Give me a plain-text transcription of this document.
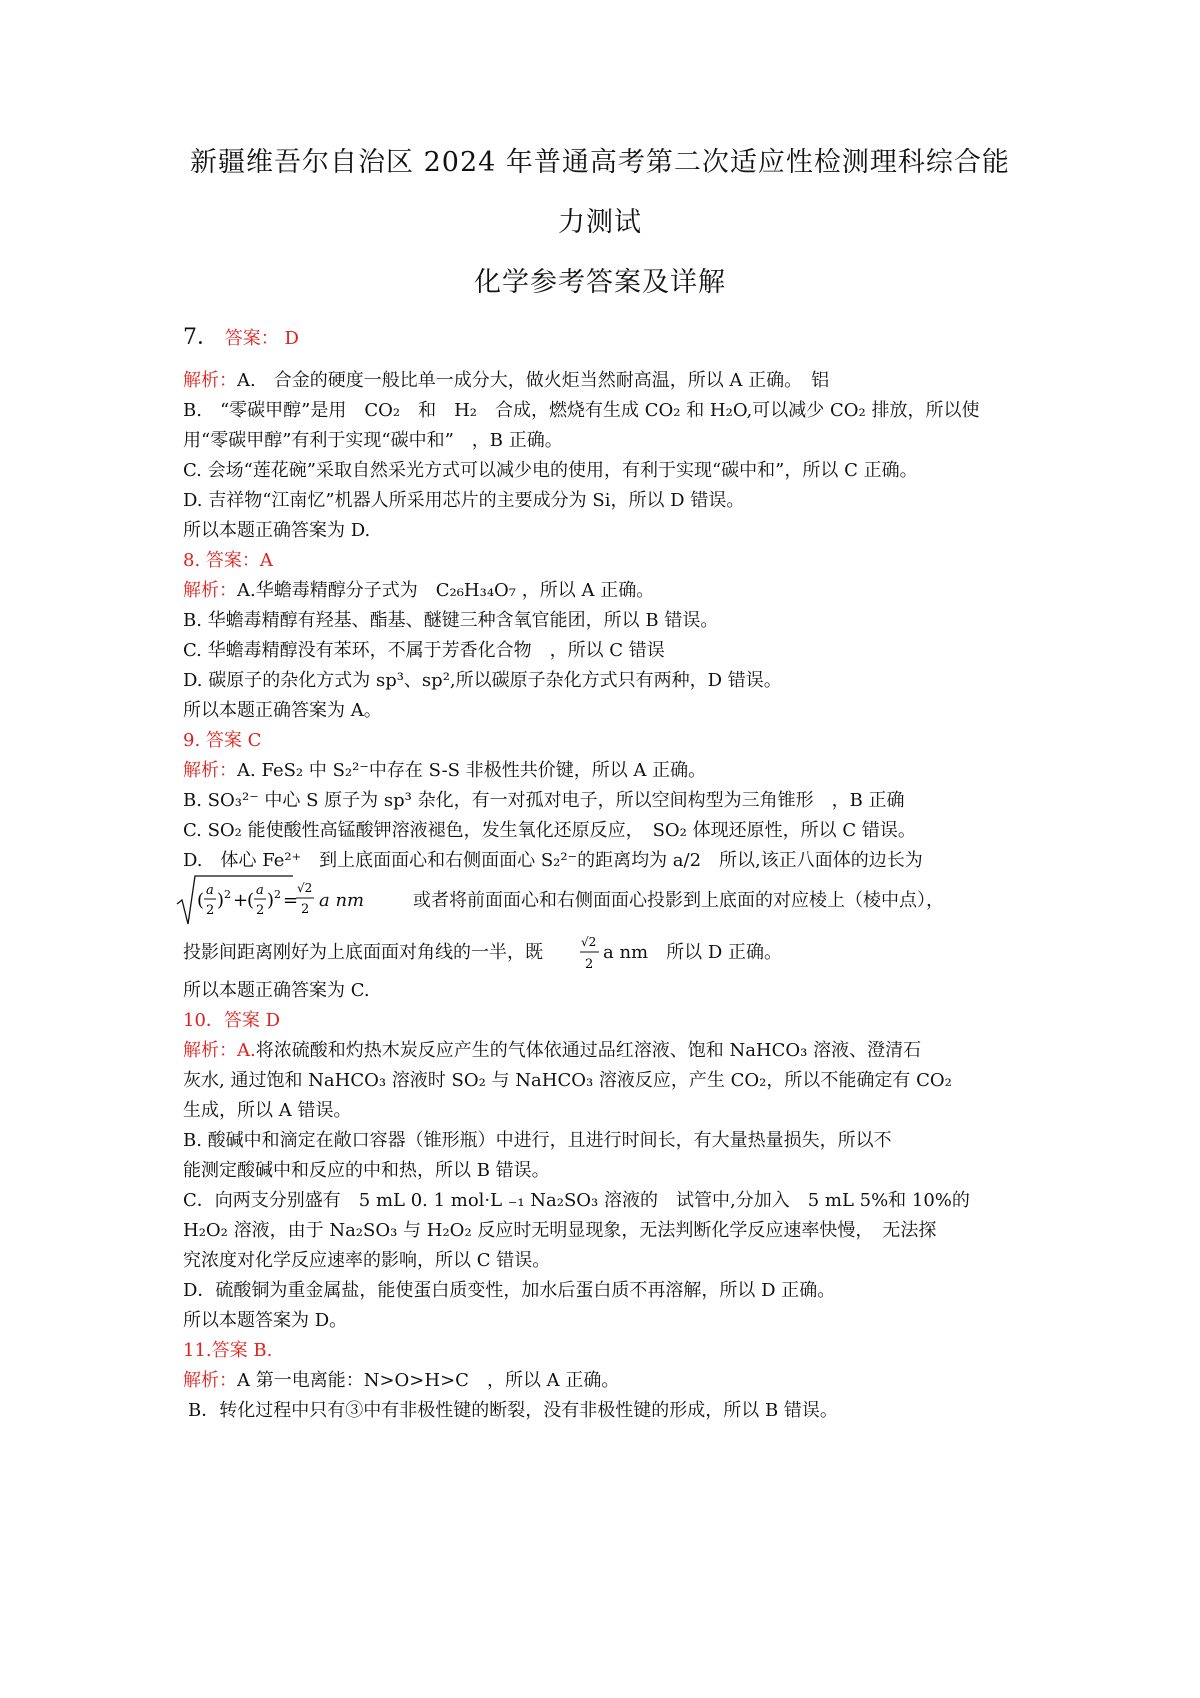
新疆维吾尔自治区 2024 年普通高考第二次适应性检测理科综合能
力测试
化学参考答案及详解
7． 答案： D
解析：A.　合金的硬度一般比单一成分大，做火炬当然耐高温，所以 A 正确。　铝
B.　“零碳甲醇”是用　CO₂　和　H₂　合成，燃烧有生成 CO₂ 和 H₂O,可以减少 CO₂ 排放，所以使
用“零碳甲醇”有利于实现“碳中和”　，B 正确。
C. 会场“莲花碗”采取自然采光方式可以减少电的使用，有利于实现“碳中和”，所以 C 正确。
D. 吉祥物“江南忆”机器人所采用芯片的主要成分为 Si，所以 D 错误。
所以本题正确答案为 D.
8. 答案：A
解析：A.华蟾毒精醇分子式为　C₂₆H₃₄O₇ ，所以 A 正确。
B. 华蟾毒精醇有羟基、酯基、醚键三种含氧官能团，所以 B 错误。
C. 华蟾毒精醇没有苯环，不属于芳香化合物　，所以 C 错误
D. 碳原子的杂化方式为 sp³、sp²,所以碳原子杂化方式只有两种，D 错误。
所以本题正确答案为 A。
9. 答案 C
解析：A. FeS₂ 中 S₂²⁻中存在 S-S 非极性共价键，所以 A 正确。
B. SO₃²⁻ 中心 S 原子为 sp³ 杂化，有一对孤对电子，所以空间构型为三角锥形　，B 正确
C. SO₂ 能使酸性高锰酸钾溶液褪色，发生氧化还原反应，　SO₂ 体现还原性，所以 C 错误。
D.　体心 Fe²⁺　到上底面面心和右侧面面心 S₂²⁻的距离均为 a/2　所以,该正八面体的边长为
( a
2 ) 2 +
( a
2 ) 2 =
√2
2 a nm	或者将前面面心和右侧面面心投影到上底面的对应棱上（棱中点），
投影间距离刚好为上底面面对角线的一半，既	√2
2
a nm　所以 D 正确。
所以本题正确答案为 C.
10．答案 D
解析：A.将浓硫酸和灼热木炭反应产生的气体依通过品红溶液、饱和 NaHCO₃ 溶液、澄清石
灰水, 通过饱和 NaHCO₃ 溶液时 SO₂ 与 NaHCO₃ 溶液反应，产生 CO₂，所以不能确定有 CO₂
生成，所以 A 错误。
B. 酸碱中和滴定在敞口容器（锥形瓶）中进行，且进行时间长，有大量热量损失，所以不
能测定酸碱中和反应的中和热，所以 B 错误。
C．向两支分别盛有　5 mL 0. 1 mol·L ₋₁ Na₂SO₃ 溶液的　试管中,分加入　5 mL 5%和 10%的
H₂O₂ 溶液，由于 Na₂SO₃ 与 H₂O₂ 反应时无明显现象，无法判断化学反应速率快慢，　无法探
究浓度对化学反应速率的影响，所以 C 错误。
D．硫酸铜为重金属盐，能使蛋白质变性，加水后蛋白质不再溶解，所以 D 正确。
所以本题答案为 D。
11.答案 B.
解析：A 第一电离能：N>O>H>C　，所以 A 正确。
B．转化过程中只有③中有非极性键的断裂，没有非极性键的形成，所以 B 错误。
